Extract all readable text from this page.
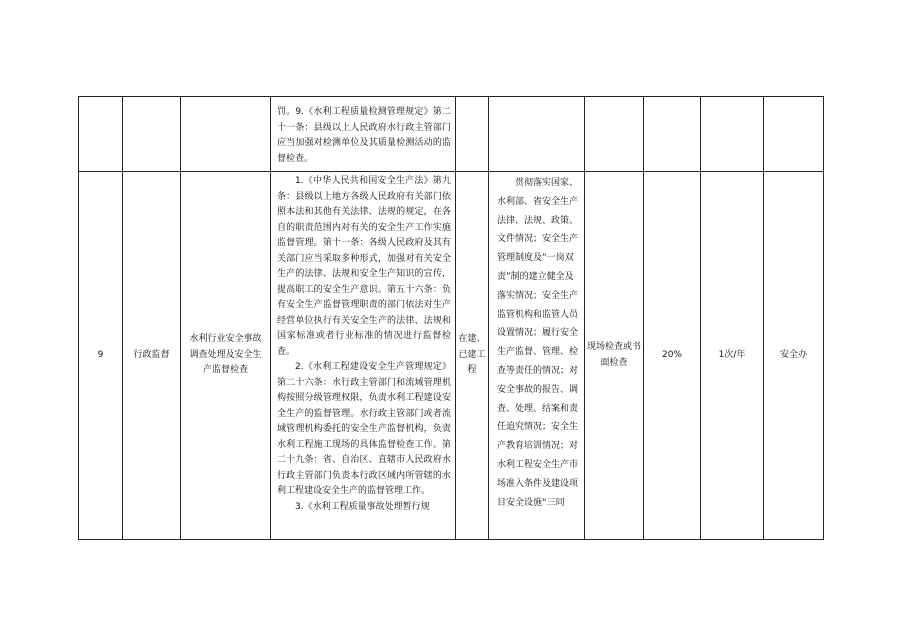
			罚。9.《水利工程质量检测管理规定》第二十一条：县级以上人民政府水行政主管部门应当加强对检测单位及其质量检测活动的监督检查。						

9	行政监督	水利行业安全事故调查处理及安全生产监督检查	1.《中华人民共和国安全生产法》第九条：县级以上地方各级人民政府有关部门依照本法和其他有关法律、法规的规定，在各自的职责范围内对有关的安全生产工作实施监督管理。第十一条：各级人民政府及其有关部门应当采取多种形式，加强对有关安全生产的法律、法规和安全生产知识的宣传，提高职工的安全生产意识。第五十六条：负有安全生产监督管理职责的部门依法对生产经营单位执行有关安全生产的法律、法规和国家标准或者行业标准的情况进行监督检查。

2.《水利工程建设安全生产管理规定》第二十六条：水行政主管部门和流域管理机构按照分级管理权限，负责水利工程建设安全生产的监督管理。水行政主管部门或者流域管理机构委托的安全生产监督机构，负责水利工程施工现场的具体监督检查工作。第二十九条：省、自治区、直辖市人民政府水行政主管部门负责本行政区域内所管辖的水利工程建设安全生产的监督管理工作。

3.《水利工程质量事故处理暂行规	在建、已建工程	贯彻落实国家、水利部、省安全生产法律、法规、政策、文件情况；安全生产管理制度及“一岗双责”制的建立健全及落实情况；安全生产监管机构和监管人员设置情况；履行安全生产监督、管理、检查等责任的情况；对安全事故的报告、调查、处理、结案和责任追究情况；安全生产教育培训情况；对水利工程安全生产市场准入条件及建设项目安全设施“三同	现场检查或书面检查	20%	1次/年	安全办
